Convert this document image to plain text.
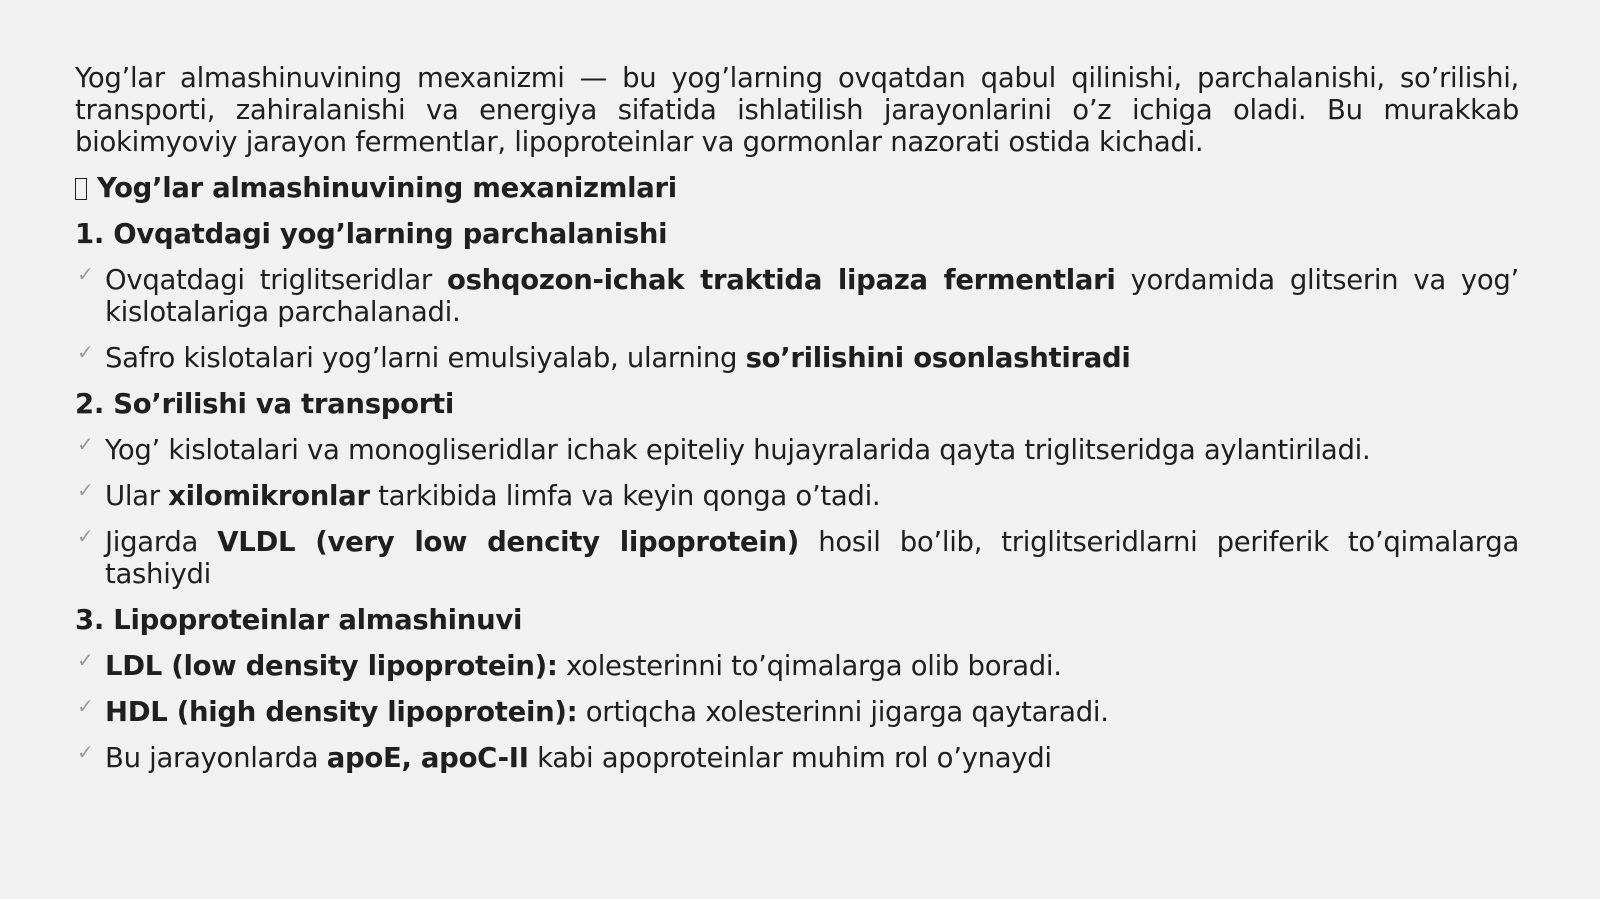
Yog’lar almashinuvining mexanizmi — bu yog’larning ovqatdan qabul qilinishi, parchalanishi, so’rilishi, transporti, zahiralanishi va energiya sifatida ishlatilish jarayonlarini o’z ichiga oladi. Bu murakkab biokimyoviy jarayon fermentlar, lipoproteinlar va gormonlar nazorati ostida kichadi.

Yog’lar almashinuvining mexanizmlari
1. Ovqatdagi yog’larning parchalanishi
✓ Ovqatdagi triglitseridlar oshqozon-ichak traktida lipaza fermentlari yordamida glitserin va yog’ kislotalariga parchalanadi.
✓ Safro kislotalari yog’larni emulsiyalab, ularning so’rilishini osonlashtiradi
2. So’rilishi va transporti
✓ Yog’ kislotalari va monogliseridlar ichak epiteliy hujayralarida qayta triglitseridga aylantiriladi.
✓ Ular xilomikronlar tarkibida limfa va keyin qonga o’tadi.
✓ Jigarda VLDL (very low dencity lipoprotein) hosil bo’lib, triglitseridlarni periferik to’qimalarga tashiydi
3. Lipoproteinlar almashinuvi
✓ LDL (low density lipoprotein): xolesterinni to’qimalarga olib boradi.
✓ HDL (high density lipoprotein): ortiqcha xolesterinni jigarga qaytaradi.
✓ Bu jarayonlarda apoE, apoC-II kabi apoproteinlar muhim rol o’ynaydi
